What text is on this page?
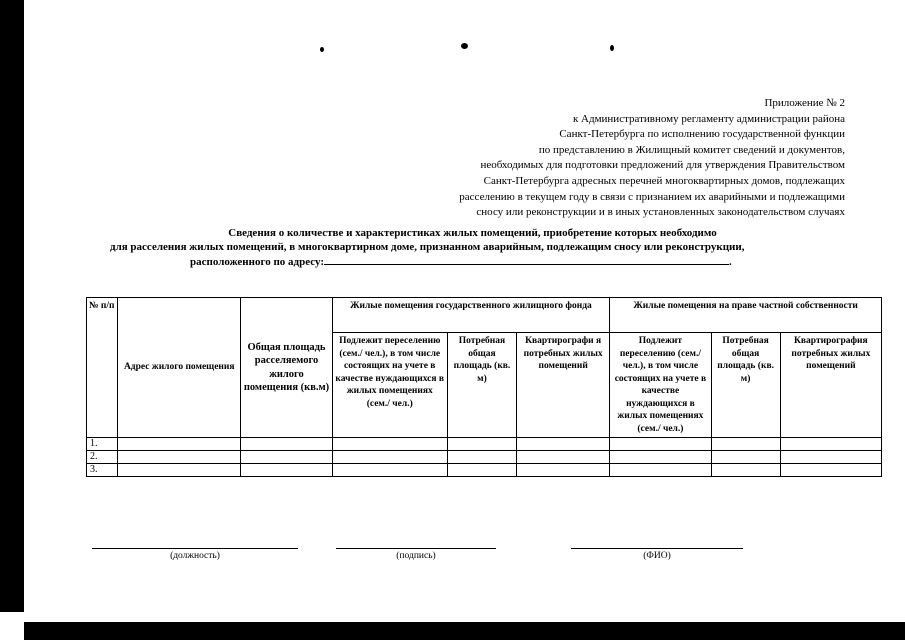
Приложение № 2
к Административному регламенту администрации района
Санкт-Петербурга по исполнению государственной функции
по представлению в Жилищный комитет сведений и документов,
необходимых для подготовки предложений для утверждения Правительством
Санкт-Петербурга адресных перечней многоквартирных домов, подлежащих
расселению в текущем году в связи с признанием их аварийными и подлежащими
сносу или реконструкции и в иных установленных законодательством случаях
Сведения о количестве и характеристиках жилых помещений, приобретение которых необходимо
для расселения жилых помещений, в многоквартирном доме, признанном аварийным, подлежащим сносу или реконструкции,
расположенного по адресу:	.
№ п/п	Адрес жилого помещения	Общая площадь расселяемого жилого помещения (кв.м)	Жилые помещения государственного жилищного фонда			Жилые помещения на праве частной собственности		
			Подлежит переселению (сем./ чел.), в том числе состоящих на учете в качестве нуждающихся в жилых помещениях (сем./ чел.)	Потребная общая площадь (кв. м)	Квартирографи я потребных жилых помещений	Подлежит переселению (сем./ чел.), в том числе состоящих на учете в качестве нуждающихся в жилых помещениях (сем./ чел.)	Потребная общая площадь (кв. м)	Квартирография потребных жилых помещений
1.								
2.								
3.								
(должность)	(подпись)	(ФИО)
